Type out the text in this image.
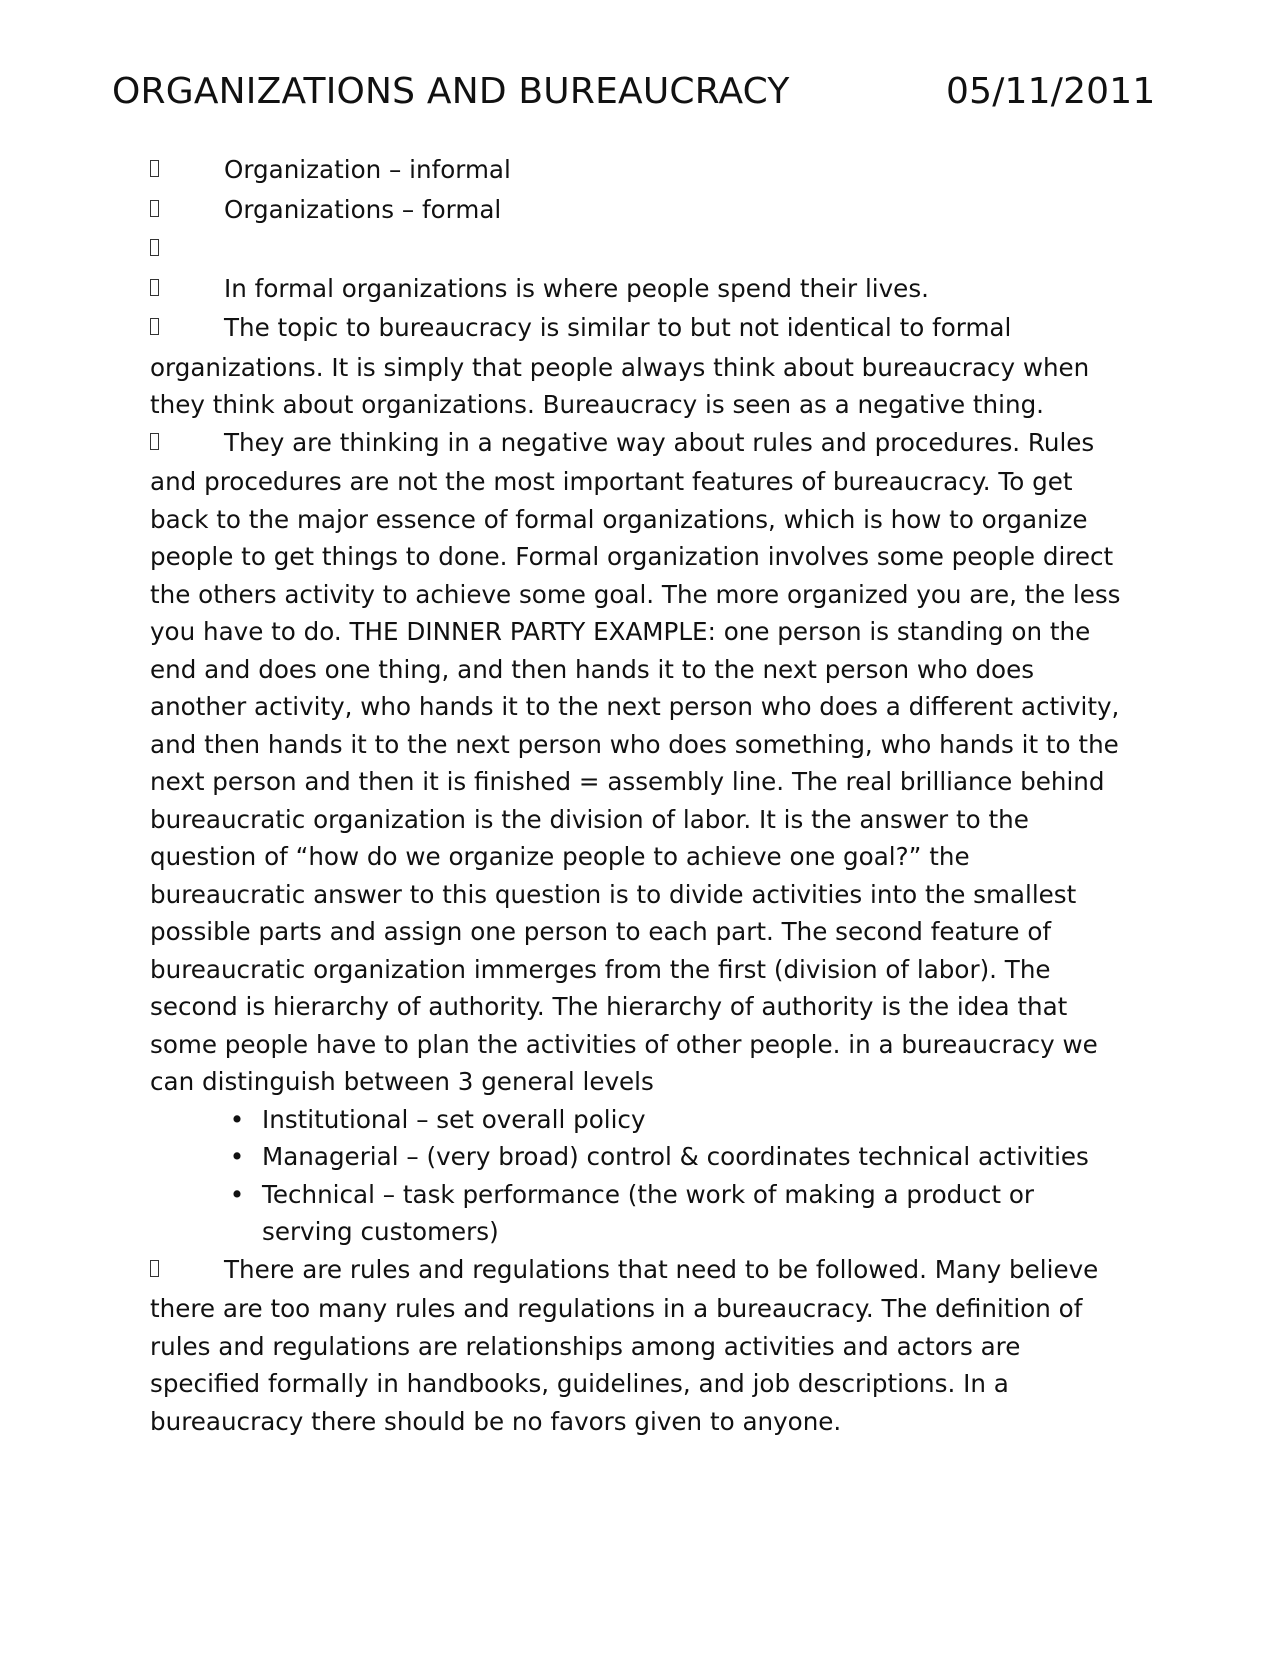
ORGANIZATIONS AND BUREAUCRACY	05/11/2011

Organization – informal

Organizations – formal

In formal organizations is where people spend their lives.

The topic to bureaucracy is similar to but not identical to formal organizations. It is simply that people always think about bureaucracy when they think about organizations. Bureaucracy is seen as a negative thing.

They are thinking in a negative way about rules and procedures. Rules and procedures are not the most important features of bureaucracy. To get back to the major essence of formal organizations, which is how to organize people to get things to done. Formal organization involves some people direct the others activity to achieve some goal. The more organized you are, the less you have to do. THE DINNER PARTY EXAMPLE: one person is standing on the end and does one thing, and then hands it to the next person who does another activity, who hands it to the next person who does a different activity, and then hands it to the next person who does something, who hands it to the next person and then it is finished = assembly line. The real brilliance behind bureaucratic organization is the division of labor. It is the answer to the question of “how do we organize people to achieve one goal?” the bureaucratic answer to this question is to divide activities into the smallest possible parts and assign one person to each part. The second feature of bureaucratic organization immerges from the first (division of labor). The second is hierarchy of authority. The hierarchy of authority is the idea that some people have to plan the activities of other people. in a bureaucracy we can distinguish between 3 general levels

• Institutional – set overall policy
• Managerial – (very broad) control & coordinates technical activities
• Technical – task performance (the work of making a product or serving customers)

There are rules and regulations that need to be followed. Many believe there are too many rules and regulations in a bureaucracy. The definition of rules and regulations are relationships among activities and actors are specified formally in handbooks, guidelines, and job descriptions. In a bureaucracy there should be no favors given to anyone.
